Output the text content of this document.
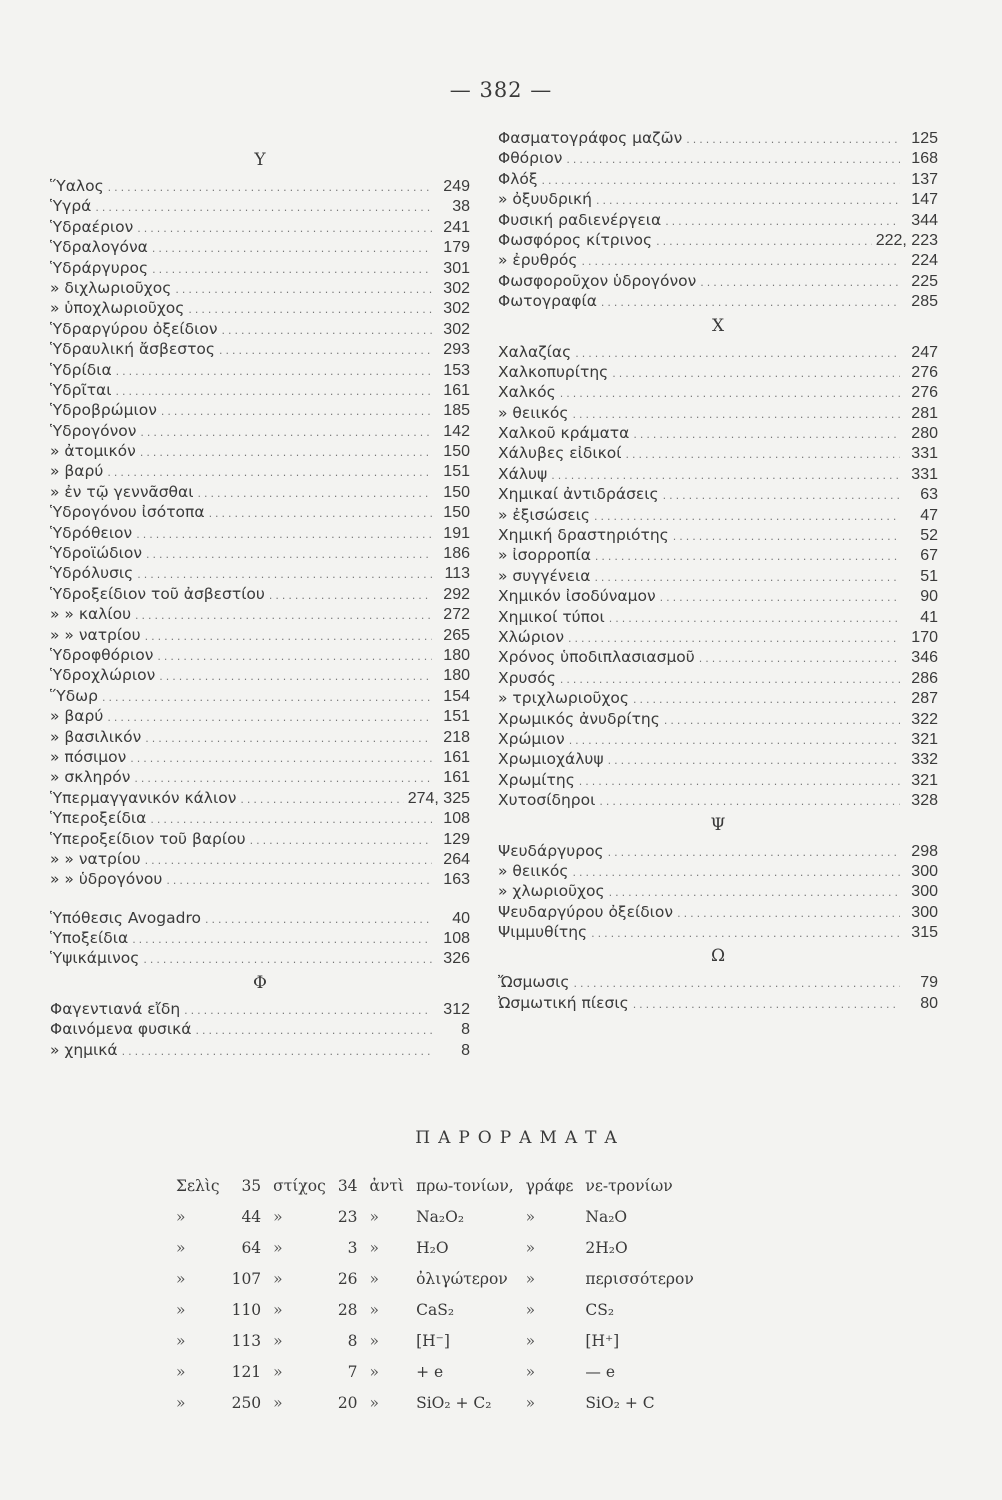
— 382 —
Y
Ὕαλος .....	249
Ὑγρά .....	38
Ὑδραέριον .....	241
Ὑδραλογόνα .....	179
Ὑδράργυρος .....	301
» διχλωριοῦχος .....	302
» ὑποχλωριοῦχος .....	302
Ὑδραργύρου ὀξείδιον .....	302
Ὑδραυλική ἄσβεστος .....	293
Ὑδρίδια .....	153
Ὑδρῖται .....	161
Ὑδροβρώμιον .....	185
Ὑδρογόνον .....	142
» ἀτομικόν .....	150
» βαρύ .....	151
» ἐν τῷ γεννᾶσθαι .....	150
Ὑδρογόνου ἰσότοπα .....	150
Ὑδρόθειον .....	191
Ὑδροϊώδιον .....	186
Ὑδρόλυσις .....	113
Ὑδροξείδιον τοῦ ἀσβεστίου .....	292
» » καλίου .....	272
» » νατρίου .....	265
Ὑδροφθόριον .....	180
Ὑδροχλώριον .....	180
Ὕδωρ .....	154
» βαρύ .....	151
» βασιλικόν .....	218
» πόσιμον .....	161
» σκληρόν .....	161
Ὑπερμαγγανικόν κάλιον .....	274, 325
Ὑπεροξείδια .....	108
Ὑπεροξείδιον τοῦ βαρίου .....	129
» » νατρίου .....	264
» » ὑδρογόνου .....	163
Ὑπόθεσις Avogadro .....	40
Ὑποξείδια .....	108
Ὑψικάμινος .....	326
Φ
Φαγεντιανά εἴδη .....	312
Φαινόμενα φυσικά .....	8
» χημικά .....	8
Φασματογράφος μαζῶν .....	125
Φθόριον .....	168
Φλόξ .....	137
» ὀξυυδρική .....	147
Φυσική ραδιενέργεια .....	344
Φωσφόρος κίτρινος .....	222, 223
» ἐρυθρός .....	224
Φωσφοροῦχον ὑδρογόνον .....	225
Φωτογραφία .....	285
X
Χαλαζίας .....	247
Χαλκοπυρίτης .....	276
Χαλκός .....	276
» θειικός .....	281
Χαλκοῦ κράματα .....	280
Χάλυβες εἰδικοί .....	331
Χάλυψ .....	331
Χημικαί ἀντιδράσεις .....	63
» ἐξισώσεις .....	47
Χημική δραστηριότης .....	52
» ἰσορροπία .....	67
» συγγένεια .....	51
Χημικόν ἰσοδύναμον .....	90
Χημικοί τύποι .....	41
Χλώριον .....	170
Χρόνος ὑποδιπλασιασμοῦ .....	346
Χρυσός .....	286
» τριχλωριοῦχος .....	287
Χρωμικός ἀνυδρίτης .....	322
Χρώμιον .....	321
Χρωμιοχάλυψ .....	332
Χρωμίτης .....	321
Χυτοσίδηροι .....	328
Ψ
Ψευδάργυρος .....	298
» θειικός .....	300
» χλωριοῦχος .....	300
Ψευδαργύρου ὀξείδιον .....	300
Ψιμμυθίτης .....	315
Ω
Ὤσμωσις .....	79
Ὠσμωτική πίεσις .....	80
ΠΑΡΟΡΑΜΑΤΑ
Σελὶς	35	στίχος	34	ἀντὶ	πρω-τονίων,	γράφε	νε-τρονίων
»	44	»	23	»	Na₂O₂	»	Na₂O
»	64	»	3	»	H₂O	»	2H₂O
»	107	»	26	»	ὀλιγώτερον	»	περισσότερον
»	110	»	28	»	CaS₂	»	CS₂
»	113	»	8	»	[H⁻]	»	[H⁺]
»	121	»	7	»	+ e	»	— e
»	250	»	20	»	SiO₂ + C₂	»	SiO₂ + C
